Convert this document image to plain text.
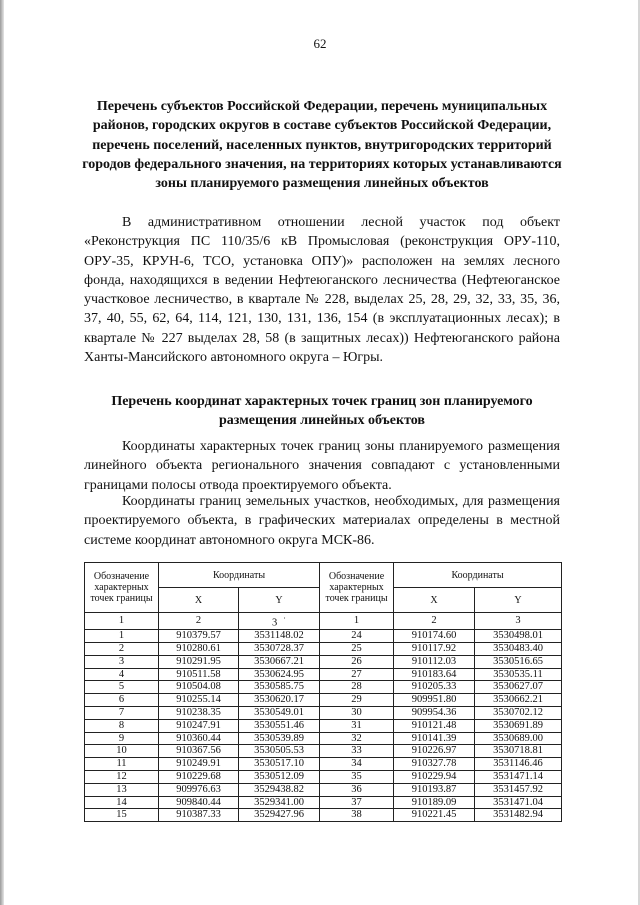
62

Перечень субъектов Российской Федерации, перечень муниципальных районов, городских округов в составе субъектов Российской Федерации, перечень поселений, населенных пунктов, внутригородских территорий городов федерального значения, на территориях которых устанавливаются зоны планируемого размещения линейных объектов

В административном отношении лесной участок под объект «Реконструкция ПС 110/35/6 кВ Промысловая (реконструкция ОРУ-110, ОРУ-35, КРУН-6, ТСО, установка ОПУ)» расположен на землях лесного фонда, находящихся в ведении Нефтеюганского лесничества (Нефтеюганское участковое лесничество, в квартале № 228, выделах 25, 28, 29, 32, 33, 35, 36, 37, 40, 55, 62, 64, 114, 121, 130, 131, 136, 154 (в эксплуатационных лесах); в квартале № 227 выделах 28, 58 (в защитных лесах)) Нефтеюганского района Ханты-Мансийского автономного округа – Югры.

Перечень координат характерных точек границ зон планируемого размещения линейных объектов

Координаты характерных точек границ зоны планируемого размещения линейного объекта регионального значения совпадают с установленными границами полосы отвода проектируемого объекта.

Координаты границ земельных участков, необходимых, для размещения проектируемого объекта, в графических материалах определены в местной системе координат автономного округа МСК-86.

Обозначение характерных точек границы	Координаты		Обозначение характерных точек границы	Координаты	
	X	Y		X	Y
1	2	3 ·	1	2	3
1	910379.57	3531148.02	24	910174.60	3530498.01
2	910280.61	3530728.37	25	910117.92	3530483.40
3	910291.95	3530667.21	26	910112.03	3530516.65
4	910511.58	3530624.95	27	910183.64	3530535.11
5	910504.08	3530585.75	28	910205.33	3530627.07
6	910255.14	3530620.17	29	909951.80	3530662.21
7	910238.35	3530549.01	30	909954.36	3530702.12
8	910247.91	3530551.46	31	910121.48	3530691.89
9	910360.44	3530539.89	32	910141.39	3530689.00
10	910367.56	3530505.53	33	910226.97	3530718.81
11	910249.91	3530517.10	34	910327.78	3531146.46
12	910229.68	3530512.09	35	910229.94	3531471.14
13	909976.63	3529438.82	36	910193.87	3531457.92
14	909840.44	3529341.00	37	910189.09	3531471.04
15	910387.33	3529427.96	38	910221.45	3531482.94
